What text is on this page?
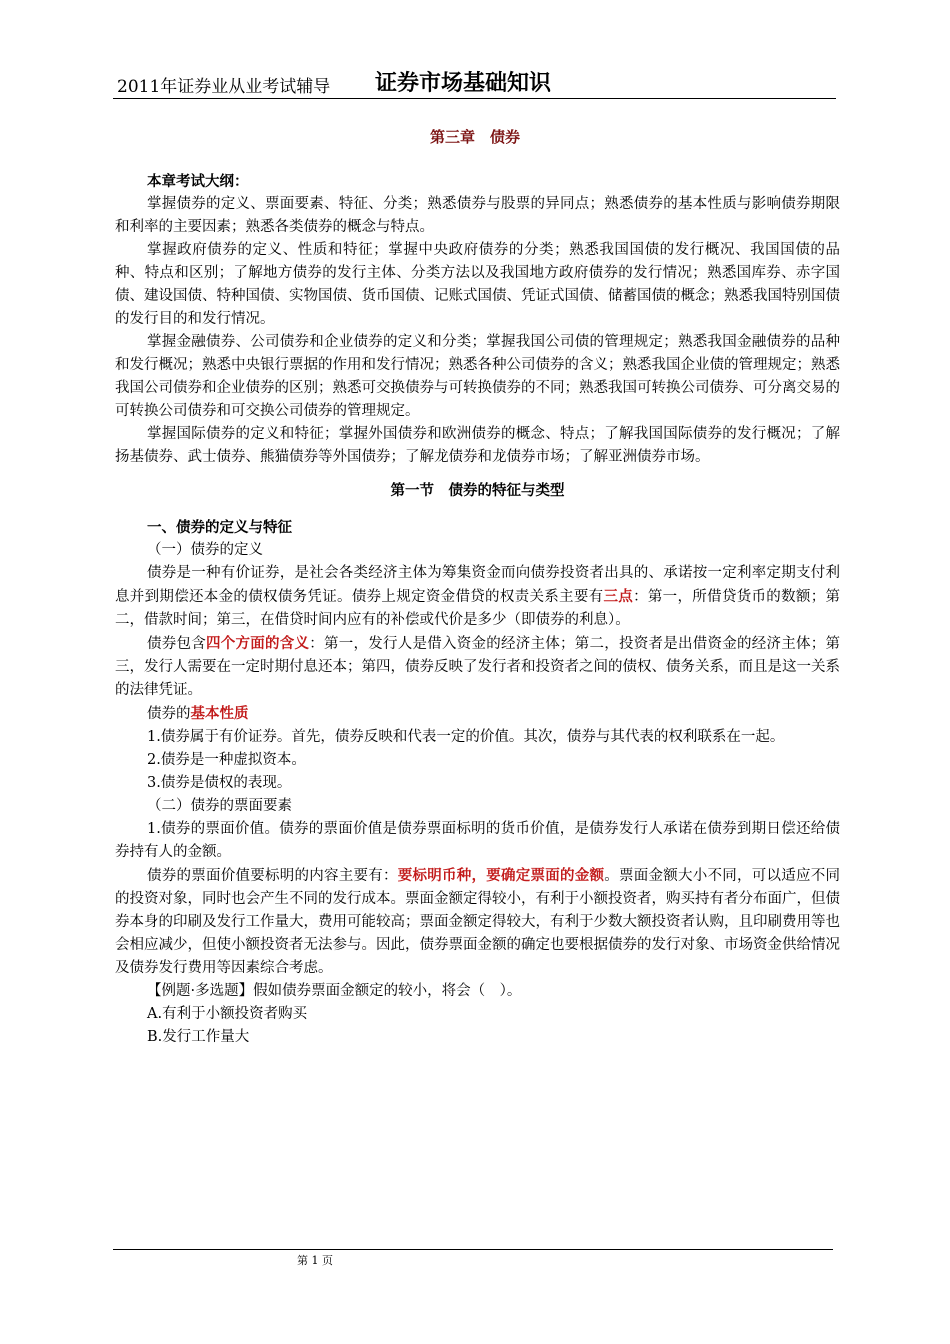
2011年证券业从业考试辅导 证券市场基础知识
第三章　债券

本章考试大纲：

掌握债券的定义、票面要素、特征、分类；熟悉债券与股票的异同点；熟悉债券的基本性质与影响债券期限和利率的主要因素；熟悉各类债券的概念与特点。

掌握政府债券的定义、性质和特征；掌握中央政府债券的分类；熟悉我国国债的发行概况、我国国债的品种、特点和区别；了解地方债券的发行主体、分类方法以及我国地方政府债券的发行情况；熟悉国库券、赤字国债、建设国债、特种国债、实物国债、货币国债、记账式国债、凭证式国债、储蓄国债的概念；熟悉我国特别国债的发行目的和发行情况。

掌握金融债券、公司债券和企业债券的定义和分类；掌握我国公司债的管理规定；熟悉我国金融债券的品种和发行概况；熟悉中央银行票据的作用和发行情况；熟悉各种公司债券的含义；熟悉我国企业债的管理规定；熟悉我国公司债券和企业债券的区别；熟悉可交换债券与可转换债券的不同；熟悉我国可转换公司债券、可分离交易的可转换公司债券和可交换公司债券的管理规定。

掌握国际债券的定义和特征；掌握外国债券和欧洲债券的概念、特点；了解我国国际债券的发行概况；了解扬基债券、武士债券、熊猫债券等外国债券；了解龙债券和龙债券市场；了解亚洲债券市场。

第一节　债券的特征与类型

一、债券的定义与特征

（一）债券的定义

债券是一种有价证券，是社会各类经济主体为筹集资金而向债券投资者出具的、承诺按一定利率定期支付利息并到期偿还本金的债权债务凭证。债券上规定资金借贷的权责关系主要有三点：第一，所借贷货币的数额；第二，借款时间；第三，在借贷时间内应有的补偿或代价是多少（即债券的利息）。

债券包含四个方面的含义：第一，发行人是借入资金的经济主体；第二，投资者是出借资金的经济主体；第三，发行人需要在一定时期付息还本；第四，债券反映了发行者和投资者之间的债权、债务关系，而且是这一关系的法律凭证。

债券的基本性质

1.债券属于有价证券。首先，债券反映和代表一定的价值。其次，债券与其代表的权利联系在一起。

2.债券是一种虚拟资本。

3.债券是债权的表现。

（二）债券的票面要素

1.债券的票面价值。债券的票面价值是债券票面标明的货币价值，是债券发行人承诺在债券到期日偿还给债券持有人的金额。

债券的票面价值要标明的内容主要有：要标明币种，要确定票面的金额。票面金额大小不同，可以适应不同的投资对象，同时也会产生不同的发行成本。票面金额定得较小，有利于小额投资者，购买持有者分布面广，但债券本身的印刷及发行工作量大，费用可能较高；票面金额定得较大，有利于少数大额投资者认购，且印刷费用等也会相应减少，但使小额投资者无法参与。因此，债券票面金额的确定也要根据债券的发行对象、市场资金供给情况及债券发行费用等因素综合考虑。

【例题·多选题】假如债券票面金额定的较小，将会（　）。

A.有利于小额投资者购买

B.发行工作量大

第 1 页
